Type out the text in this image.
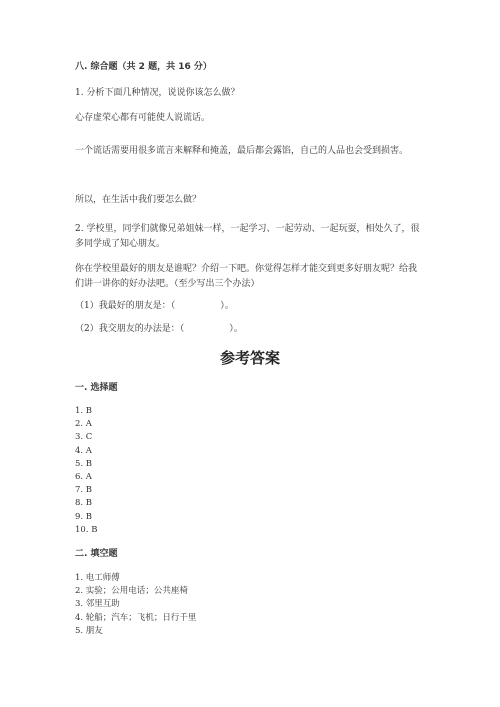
八. 综合题（共 2 题，共 16 分）

1. 分析下面几种情况，说说你该怎么做？

心存虚荣心都有可能使人说谎话。

一个谎话需要用很多谎言来解释和掩盖，最后都会露馅，自己的人品也会受到损害。

所以，在生活中我们要怎么做？

2. 学校里，同学们就像兄弟姐妹一样，一起学习、一起劳动、一起玩耍，相处久了，很多同学成了知心朋友。

你在学校里最好的朋友是谁呢？介绍一下吧。你觉得怎样才能交到更多好朋友呢？给我们讲一讲你的好办法吧。（至少写出三个办法）

（1）我最好的朋友是：（　　　　　）。

（2）我交朋友的办法是：（　　　　　）。

参考答案

一. 选择题

1. B
2. A
3. C
4. A
5. B
6. A
7. B
8. B
9. B
10. B

二. 填空题

1. 电工师傅
2. 实验；公用电话；公共座椅
3. 邻里互助
4. 轮船；汽车；飞机；日行千里
5. 朋友
